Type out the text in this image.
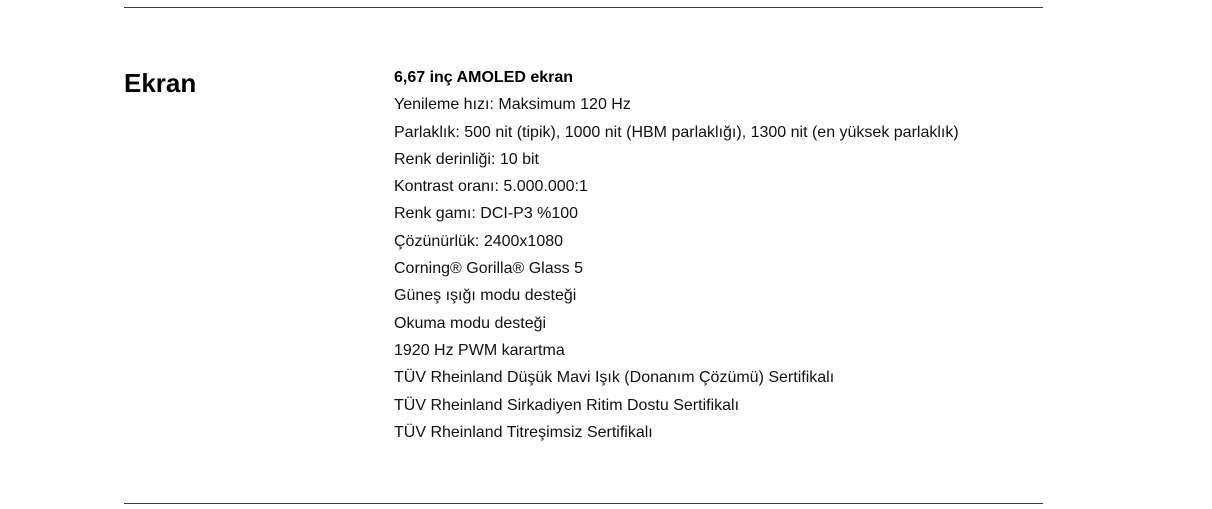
Ekran	6,67 inç AMOLED ekran
Yenileme hızı: Maksimum 120 Hz
Parlaklık: 500 nit (tipik), 1000 nit (HBM parlaklığı), 1300 nit (en yüksek parlaklık)
Renk derinliği: 10 bit
Kontrast oranı: 5.000.000:1
Renk gamı: DCI-P3 %100
Çözünürlük: 2400x1080
Corning® Gorilla® Glass 5
Güneş ışığı modu desteği
Okuma modu desteği
1920 Hz PWM karartma
TÜV Rheinland Düşük Mavi Işık (Donanım Çözümü) Sertifikalı
TÜV Rheinland Sirkadiyen Ritim Dostu Sertifikalı
TÜV Rheinland Titreşimsiz Sertifikalı
